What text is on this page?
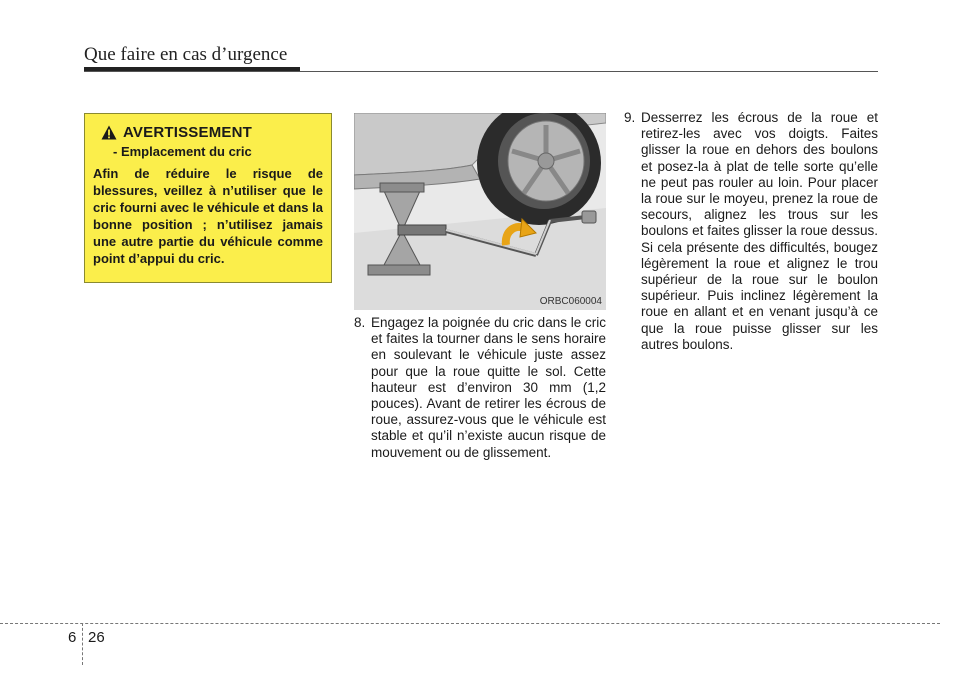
Que faire en cas d’urgence
AVERTISSEMENT
- Emplacement du cric

Afin de réduire le risque de blessures, veillez à n’utiliser que le cric fourni avec le véhicule et dans la bonne position ; n’utilisez jamais une autre partie du véhicule comme point d’appui du cric.

ORBC060004
8. Engagez la poignée du cric dans le cric et faites la tourner dans le sens horaire en soulevant le véhicule juste assez pour que la roue quitte le sol. Cette hauteur est d’environ 30 mm (1,2 pouces). Avant de retirer les écrous de roue, assurez-vous que le véhicule est stable et qu’il n’existe aucun risque de mouvement ou de glissement.
9. Desserrez les écrous de la roue et retirez-les avec vos doigts. Faites glisser la roue en dehors des boulons et posez-la à plat de telle sorte qu’elle ne peut pas rouler au loin. Pour placer la roue sur le moyeu, prenez la roue de secours, alignez les trous sur les boulons et faites glisser la roue dessus. Si cela présente des difficultés, bougez légèrement la roue et alignez le trou supérieur de la roue sur le boulon supérieur. Puis inclinez légèrement la roue en allant et en venant jusqu’à ce que la roue puisse glisser sur les autres boulons.
6 26
